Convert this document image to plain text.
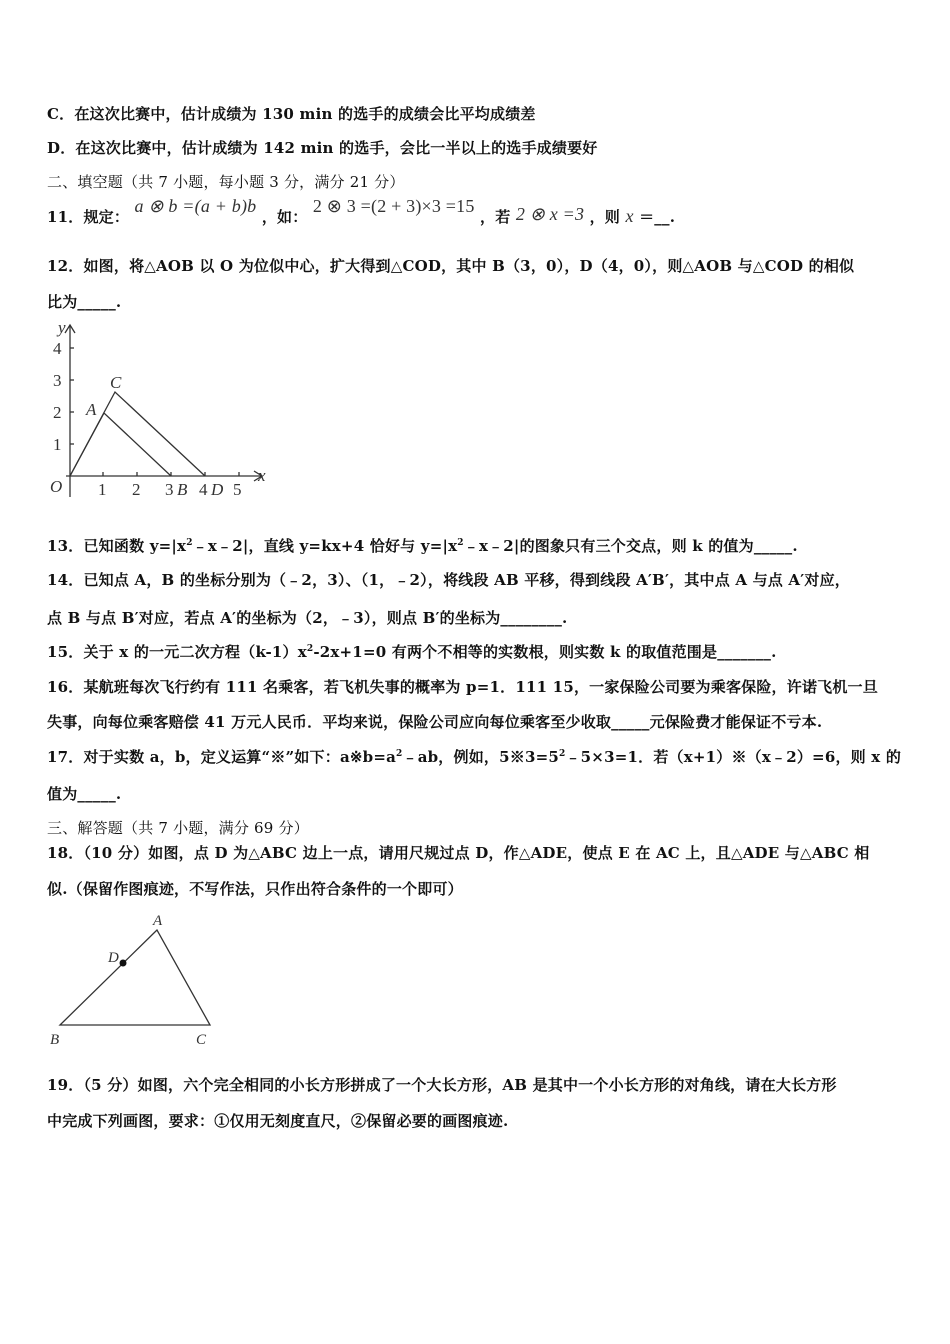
C．在这次比赛中，估计成绩为 130 min 的选手的成绩会比平均成绩差
D．在这次比赛中，估计成绩为 142 min 的选手，会比一半以上的选手成绩要好
二、填空题（共 7 小题，每小题 3 分，满分 21 分）
11．规定： a ⊗ b =(a + b)b ，如： 2 ⊗ 3 =(2 + 3)×3 =15 ，若 2 ⊗ x =3 ，则 x ＝__.
12．如图，将△AOB 以 O 为位似中心，扩大得到△COD，其中 B（3，0），D（4，0），则△AOB 与△COD 的相似
比为_____.
O 1 2 3 4 5
1
2
3
4
A
B
C
D
x
y
13．已知函数 $y=|x^2﹣x﹣2|$，直线 y=kx+4 恰好与 $y=|x^2﹣x﹣2|$的图象只有三个交点，则 k 的值为_____.
14．已知点 A，B 的坐标分别为（﹣2，3）、（1，﹣2），将线段 AB 平移，得到线段 A′B′，其中点 A 与点 A′对应，
点 B 与点 B′对应，若点 A′的坐标为（2，﹣3），则点 B′的坐标为________.
15．关于 x 的一元二次方程$(k-1)x^2-2x+1=0$ 有两个不相等的实数根，则实数 k 的取值范围是_______.
16．某航班每次飞行约有 111 名乘客，若飞机失事的概率为 p=1．111 15，一家保险公司要为乘客保险，许诺飞机一旦
失事，向每位乘客赔偿 41 万元人民币．平均来说，保险公司应向每位乘客至少收取_____元保险费才能保证不亏本.
17．对于实数 a，b，定义运算“※”如下：$a※b=a^2﹣ab$，例如，$5※3=5^2﹣5\times 3=1$．若（x+1）※（x﹣2）=6，则 x 的
值为_____.
三、解答题（共 7 小题，满分 69 分）
18．（10 分）如图，点 D 为△ABC 边上一点，请用尺规过点 D，作△ADE，使点 E 在 AC 上，且△ADE 与△ABC 相
似.（保留作图痕迹，不写作法，只作出符合条件的一个即可）
A
D
B	C
19．（5 分）如图，六个完全相同的小长方形拼成了一个大长方形，AB 是其中一个小长方形的对角线，请在大长方形
中完成下列画图，要求：①仅用无刻度直尺，②保留必要的画图痕迹.
